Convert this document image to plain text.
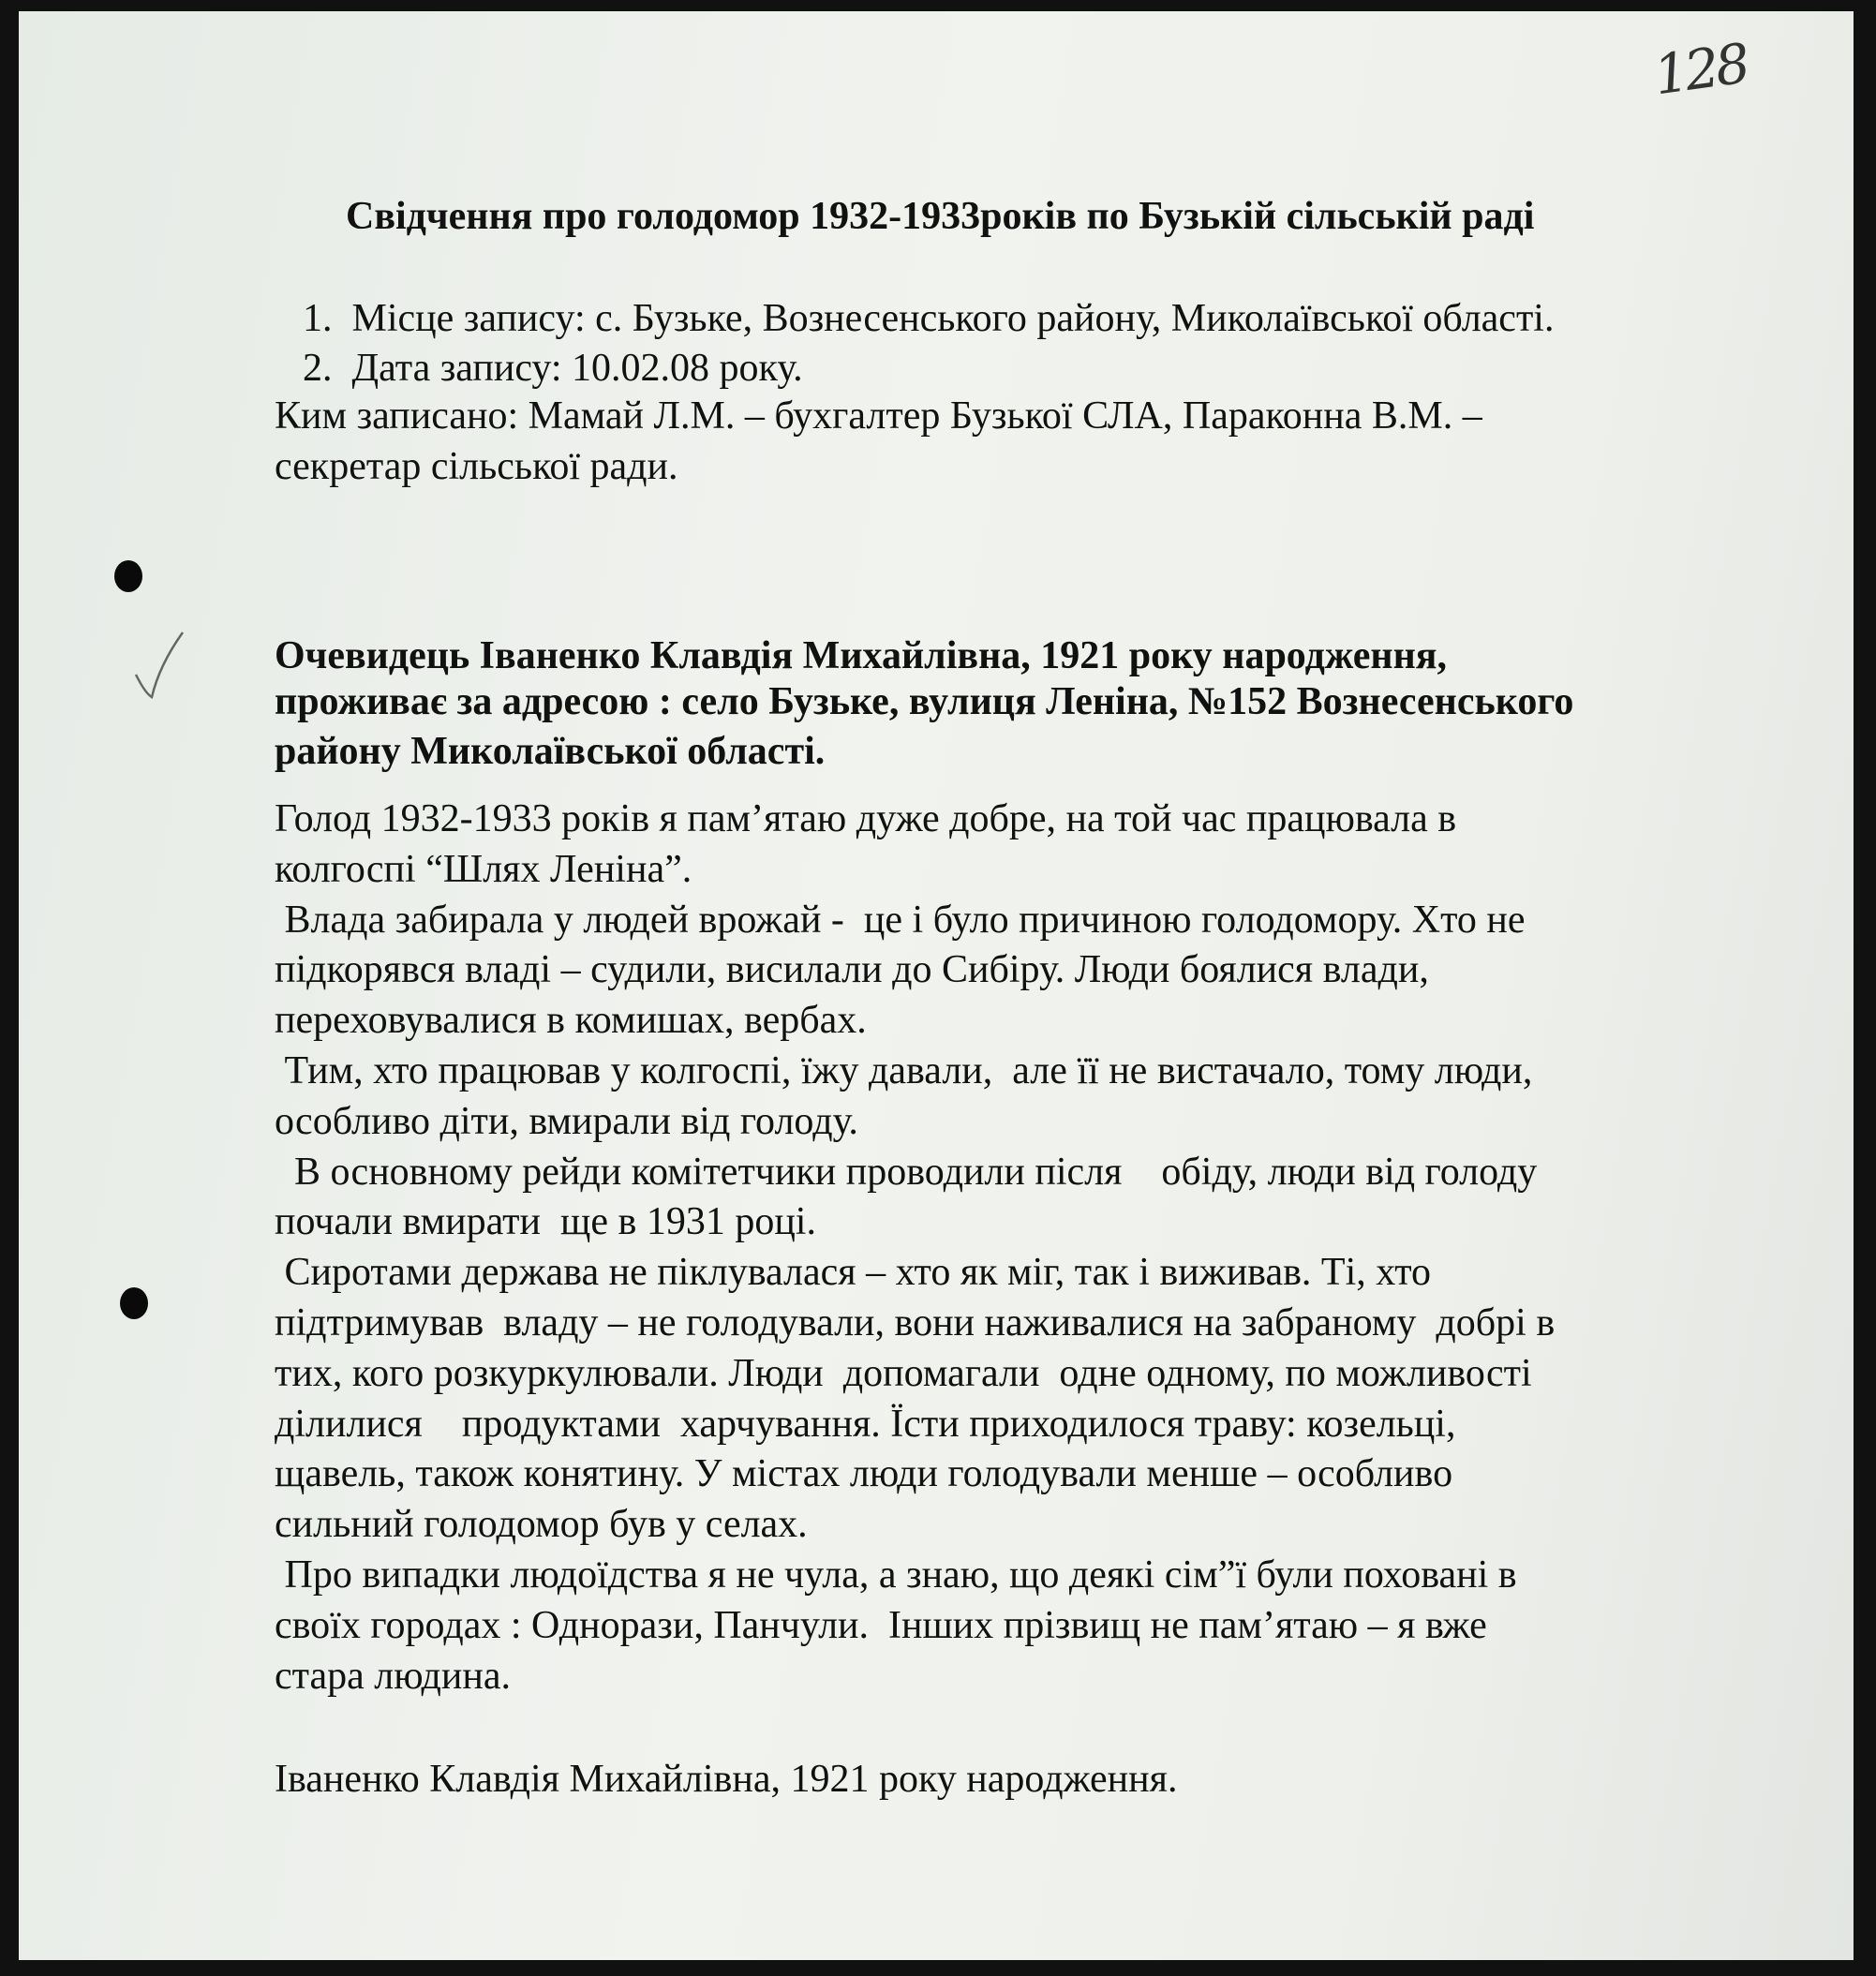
128
Свідчення про голодомор 1932-1933років по Бузькій сільській раді
1.  Місце запису: с. Бузьке, Вознесенського району, Миколаївської області.
2.  Дата запису: 10.02.08 року.
Ким записано: Мамай Л.М. – бухгалтер Бузької СЛА, Параконна В.М. –
секретар сільської ради.
Очевидець Іваненко Клавдія Михайлівна, 1921 року народження,
проживає за адресою : село Бузьке, вулиця Леніна, №152 Вознесенського
району Миколаївської області.
Голод 1932-1933 років я пам’ятаю дуже добре, на той час працювала в
колгоспі “Шлях Леніна”.
Влада забирала у людей врожай -  це і було причиною голодомору. Хто не
підкорявся владі – судили, висилали до Сибіру. Люди боялися влади,
переховувалися в комишах, вербах.
Тим, хто працював у колгоспі, їжу давали,  але її не вистачало, тому люди,
особливо діти, вмирали від голоду.
В основному рейди комітетчики проводили після    обіду, люди від голоду
почали вмирати  ще в 1931 році.
Сиротами держава не піклувалася – хто як міг, так і виживав. Ті, хто
підтримував  владу – не голодували, вони наживалися на забраному  добрі в
тих, кого розкуркулювали. Люди  допомагали  одне одному, по можливості
ділилися    продуктами  харчування. Їсти приходилося траву: козельці,
щавель, також конятину. У містах люди голодували менше – особливо
сильний голодомор був у селах.
Про випадки людоїдства я не чула, а знаю, що деякі сім”ї були поховані в
своїх городах : Однорази, Панчули.  Інших прізвищ не пам’ятаю – я вже
стара людина.
Іваненко Клавдія Михайлівна, 1921 року народження.
